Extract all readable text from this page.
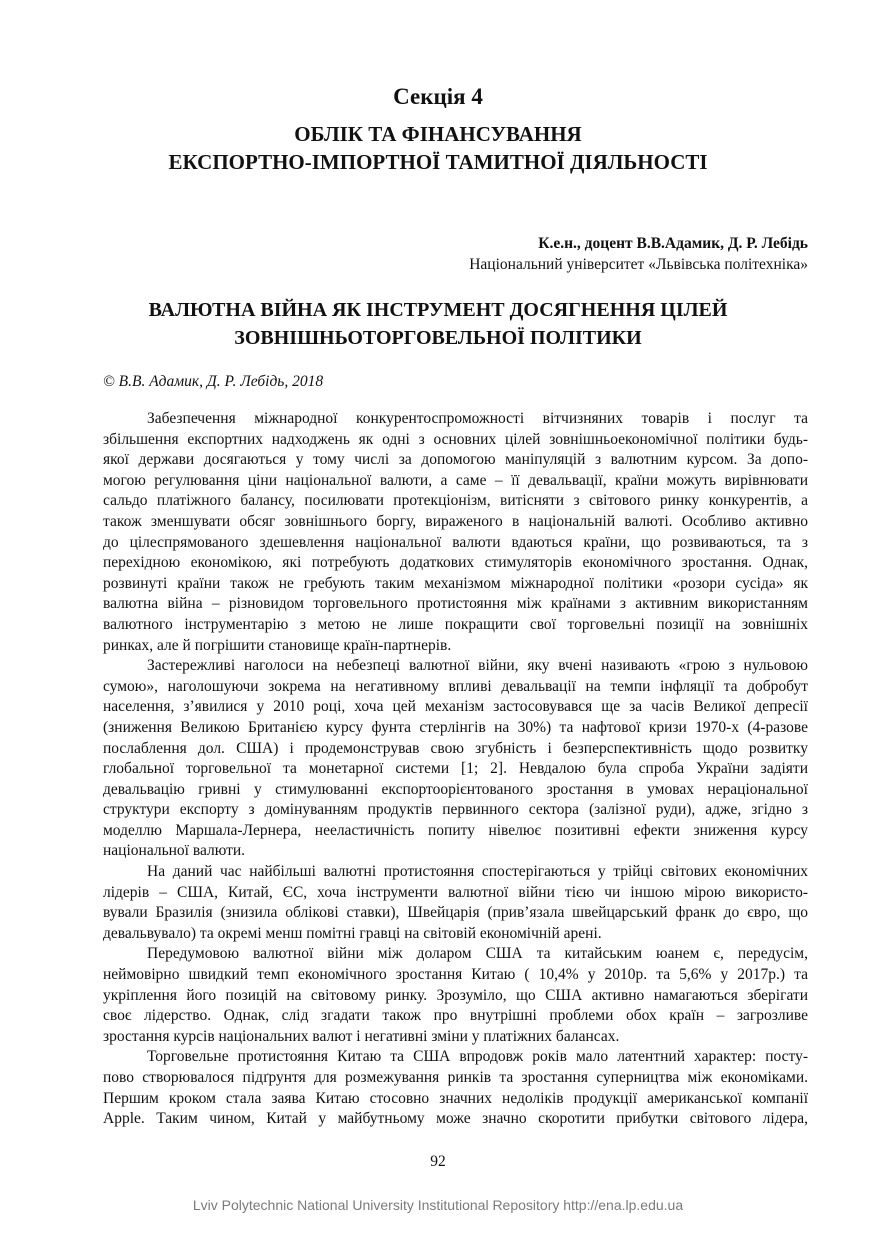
Секція 4
ОБЛІК ТА ФІНАНСУВАННЯ
ЕКСПОРТНО-ІМПОРТНОЇ ТАМИТНОЇ ДІЯЛЬНОСТІ
К.е.н., доцент В.В.Адамик, Д. Р. Лебідь
Національний університет «Львівська політехніка»
ВАЛЮТНА ВІЙНА ЯК ІНСТРУМЕНТ ДОСЯГНЕННЯ ЦІЛЕЙ
ЗОВНІШНЬОТОРГОВЕЛЬНОЇ ПОЛІТИКИ
© В.В. Адамик, Д. Р. Лебідь, 2018
Забезпечення міжнародної конкурентоспроможності вітчизняних товарів і послуг та
збільшення експортних надходжень як одні з основних цілей зовнішньоекономічної політики будь-
якої держави досягаються у тому числі за допомогою маніпуляцій з валютним курсом. За допо-
могою регулювання ціни національної валюти, а саме – її девальвації, країни можуть вирівнювати
сальдо платіжного балансу, посилювати протекціонізм, витісняти з світового ринку конкурентів, а
також зменшувати обсяг зовнішнього боргу, вираженого в національній валюті. Особливо активно
до цілеспрямованого здешевлення національної валюти вдаються країни, що розвиваються, та з
перехідною економікою, які потребують додаткових стимуляторів економічного зростання. Однак,
розвинуті країни також не гребують таким механізмом міжнародної політики «розори сусіда» як
валютна війна – різновидом торговельного протистояння між країнами з активним використанням
валютного інструментарію з метою не лише покращити свої торговельні позиції на зовнішніх
ринках, але й погрішити становище країн-партнерів.
Застережливі наголоси на небезпеці валютної війни, яку вчені називають «грою з нульовою
сумою», наголошуючи зокрема на негативному впливі девальвації на темпи інфляції та добробут
населення, з’явилися у 2010 році, хоча цей механізм застосовувався ще за часів Великої депресії
(зниження Великою Британією курсу фунта стерлінгів на 30%) та нафтової кризи 1970-х (4-разове
послаблення дол. США) і продемонстрував свою згубність і безперспективність щодо розвитку
глобальної торговельної та монетарної системи [1; 2]. Невдалою була спроба України задіяти
девальвацію гривні у стимулюванні експортоорієнтованого зростання в умовах нераціональної
структури експорту з домінуванням продуктів первинного сектора (залізної руди), адже, згідно з
моделлю Маршала-Лернера, нееластичність попиту нівелює позитивні ефекти зниження курсу
національної валюти.
На даний час найбільші валютні протистояння спостерігаються у трійці світових економічних
лідерів – США, Китай, ЄС, хоча інструменти валютної війни тією чи іншою мірою використо-
вували Бразилія (знизила облікові ставки), Швейцарія (прив’язала швейцарський франк до євро, що
девальвувало) та окремі менш помітні гравці на світовій економічній арені.
Передумовою валютної війни між доларом США та китайським юанем є, передусім,
неймовірно швидкий темп економічного зростання Китаю ( 10,4% у 2010р. та 5,6% у 2017р.) та
укріплення його позицій на світовому ринку. Зрозуміло, що США активно намагаються зберігати
своє лідерство. Однак, слід згадати також про внутрішні проблеми обох країн – загрозливе
зростання курсів національних валют і негативні зміни у платіжних балансах.
Торговельне протистояння Китаю та США впродовж років мало латентний характер: посту-
пово створювалося підґрунтя для розмежування ринків та зростання суперництва між економіками.
Першим кроком стала заява Китаю стосовно значних недоліків продукції американської компанії
Apple. Таким чином, Китай у майбутньому може значно скоротити прибутки світового лідера,
92
Lviv Polytechnic National University Institutional Repository http://ena.lp.edu.ua
